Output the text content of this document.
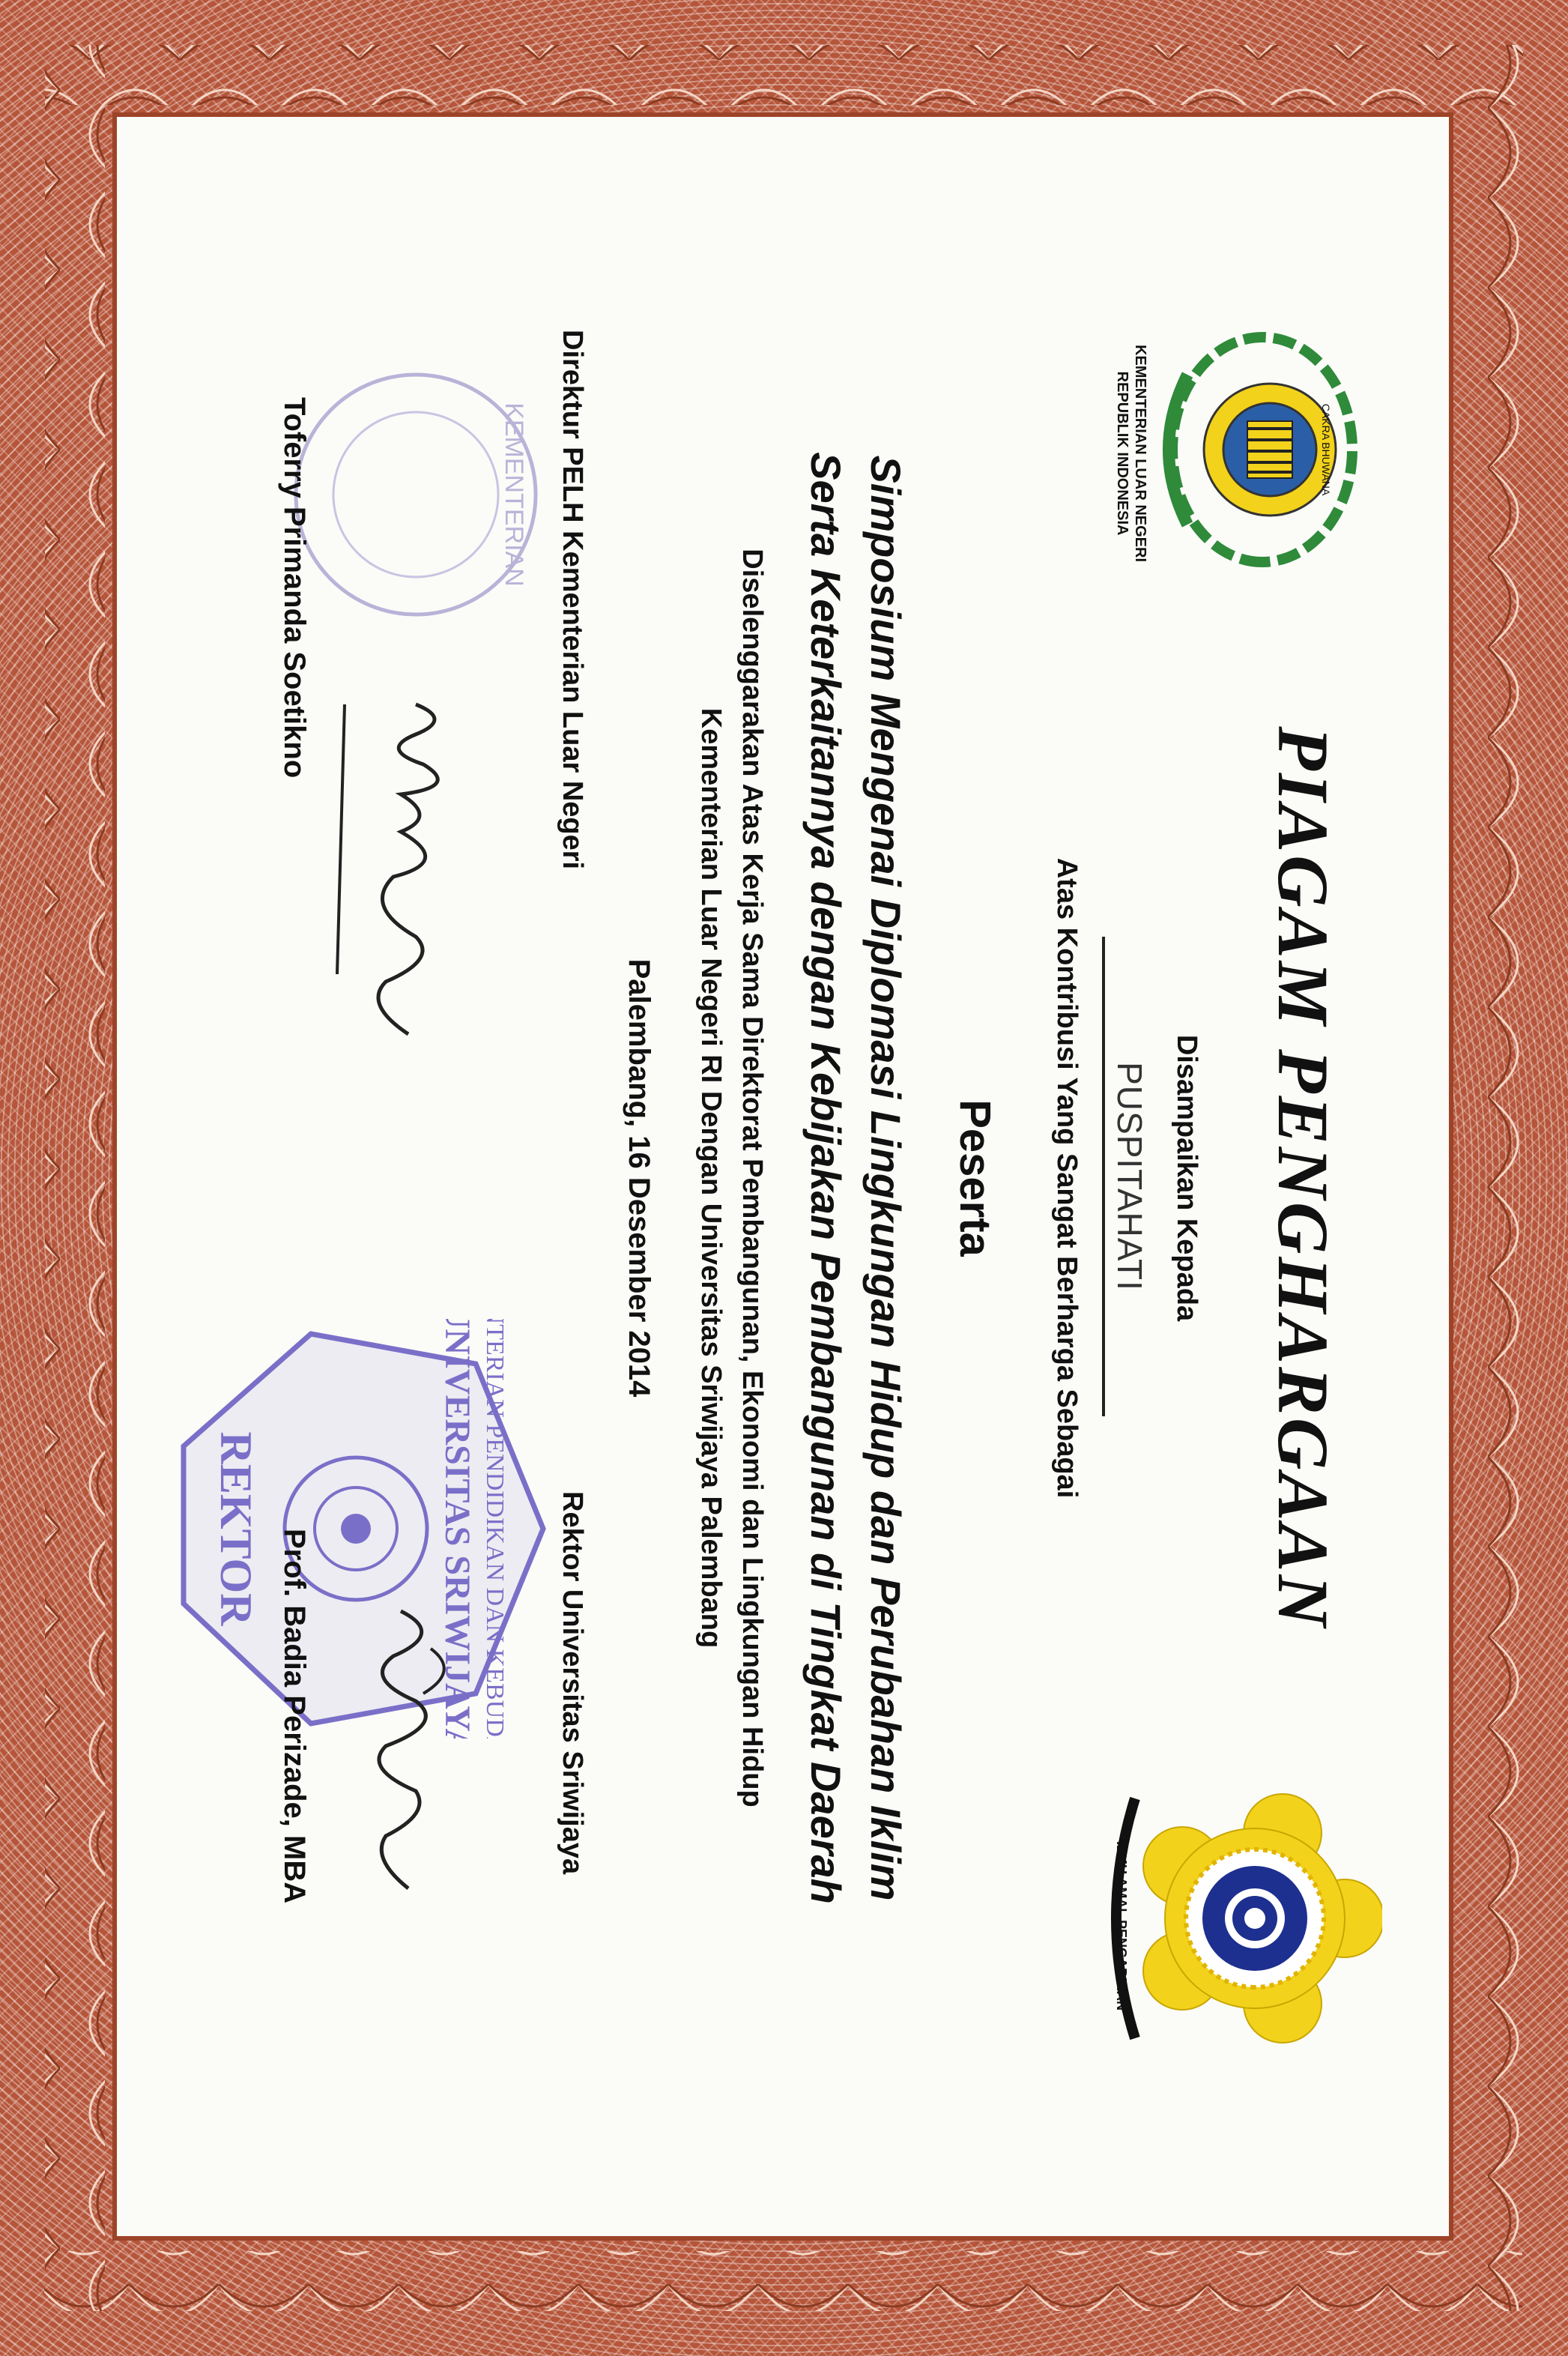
CAKRA BHUWANA
KEMENTERIAN LUAR NEGERI
REPUBLIK INDONESIA
ILMU AMAL PENGABDIAN
PIAGAM PENGHARGAAN
Disampaikan Kepada
PUSPITAHATI
Atas Kontribusi Yang Sangat Berharga Sebagai
Peserta
Simposium Mengenai Diplomasi Lingkungan Hidup dan Perubahan Iklim
Serta Keterkaitannya dengan Kebijakan Pembangunan di Tingkat Daerah
Diselenggarakan Atas Kerja Sama Direktorat Pembangunan, Ekonomi dan Lingkungan Hidup
Kementerian Luar Negeri RI Dengan Universitas Sriwijaya Palembang
Palembang, 16 Desember 2014
KEMENTERIAN
KEMENTERIAN PENDIDIKAN DAN KEBUDAYAAN
UNIVERSITAS SRIWIJAYA
REKTOR
Direktur PELH Kementerian Luar Negeri
Toferry Primanda Soetikno
Rektor Universitas Sriwijaya
Prof. Badia Perizade, MBA
